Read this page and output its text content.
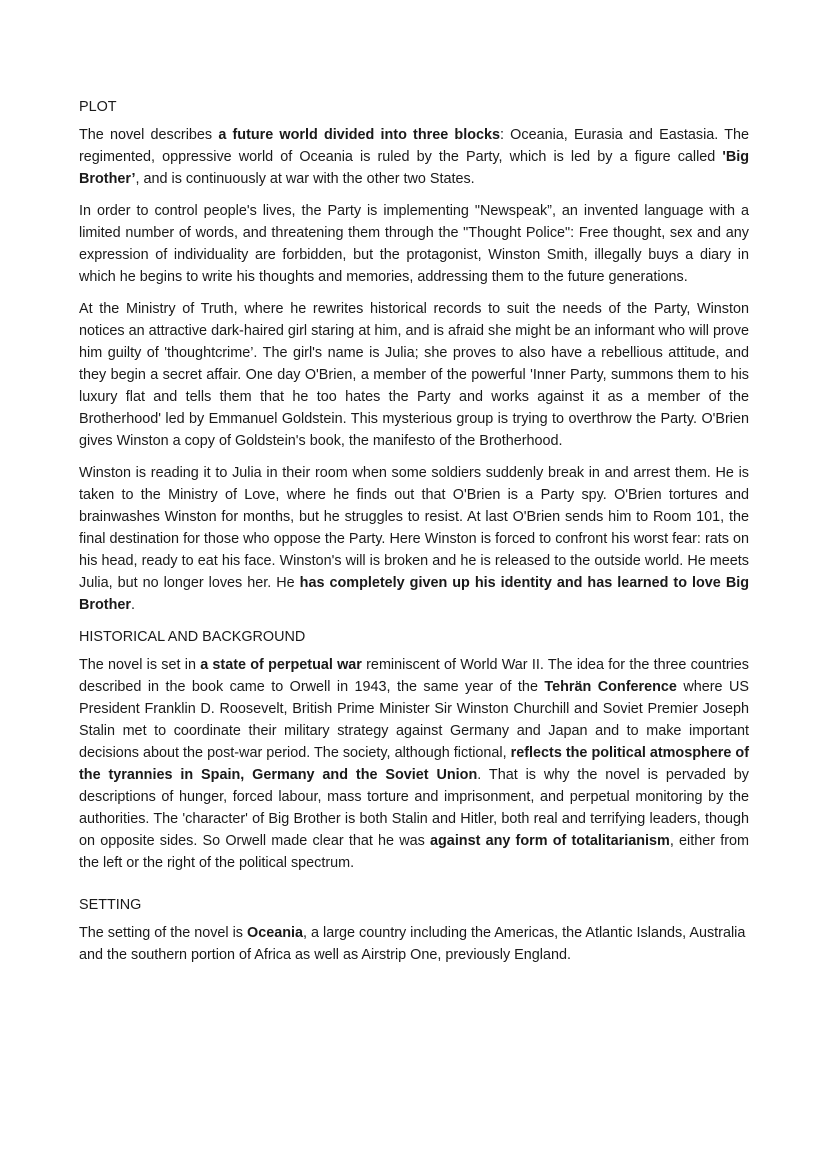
PLOT

The novel describes a future world divided into three blocks: Oceania, Eurasia and Eastasia. The regimented, oppressive world of Oceania is ruled by the Party, which is led by a figure called 'Big Brother’, and is continuously at war with the other two States.

In order to control people's lives, the Party is implementing "Newspeak”, an invented language with a limited number of words, and threatening them through the "Thought Police": Free thought, sex and any expression of individuality are forbidden, but the protagonist, Winston Smith, illegally buys a diary in which he begins to write his thoughts and memories, addressing them to the future generations.

At the Ministry of Truth, where he rewrites historical records to suit the needs of the Party, Winston notices an attractive dark-haired girl staring at him, and is afraid she might be an informant who will prove him guilty of 'thoughtcrime’. The girl's name is Julia; she proves to also have a rebellious attitude, and they begin a secret affair. One day O'Brien, a member of the powerful 'Inner Party, summons them to his luxury flat and tells them that he too hates the Party and works against it as a member of the Brotherhood' led by Emmanuel Goldstein. This mysterious group is trying to overthrow the Party. O'Brien gives Winston a copy of Goldstein's book, the manifesto of the Brotherhood.

Winston is reading it to Julia in their room when some soldiers suddenly break in and arrest them. He is taken to the Ministry of Love, where he finds out that O'Brien is a Party spy. O'Brien tortures and brainwashes Winston for months, but he struggles to resist. At last O'Brien sends him to Room 101, the final destination for those who oppose the Party. Here Winston is forced to confront his worst fear: rats on his head, ready to eat his face. Winston's will is broken and he is released to the outside world. He meets Julia, but no longer loves her. He has completely given up his identity and has learned to love Big Brother.

HISTORICAL AND BACKGROUND

The novel is set in a state of perpetual war reminiscent of World War II. The idea for the three countries described in the book came to Orwell in 1943, the same year of the Tehrän Conference where US President Franklin D. Roosevelt, British Prime Minister Sir Winston Churchill and Soviet Premier Joseph Stalin met to coordinate their military strategy against Germany and Japan and to make important decisions about the post-war period. The society, although fictional, reflects the political atmosphere of the tyrannies in Spain, Germany and the Soviet Union. That is why the novel is pervaded by descriptions of hunger, forced labour, mass torture and imprisonment, and perpetual monitoring by the authorities. The 'character' of Big Brother is both Stalin and Hitler, both real and terrifying leaders, though on opposite sides. So Orwell made clear that he was against any form of totalitarianism, either from the left or the right of the political spectrum.

SETTING

The setting of the novel is Oceania, a large country including the Americas, the Atlantic Islands, Australia and the southern portion of Africa as well as Airstrip One, previously England.
